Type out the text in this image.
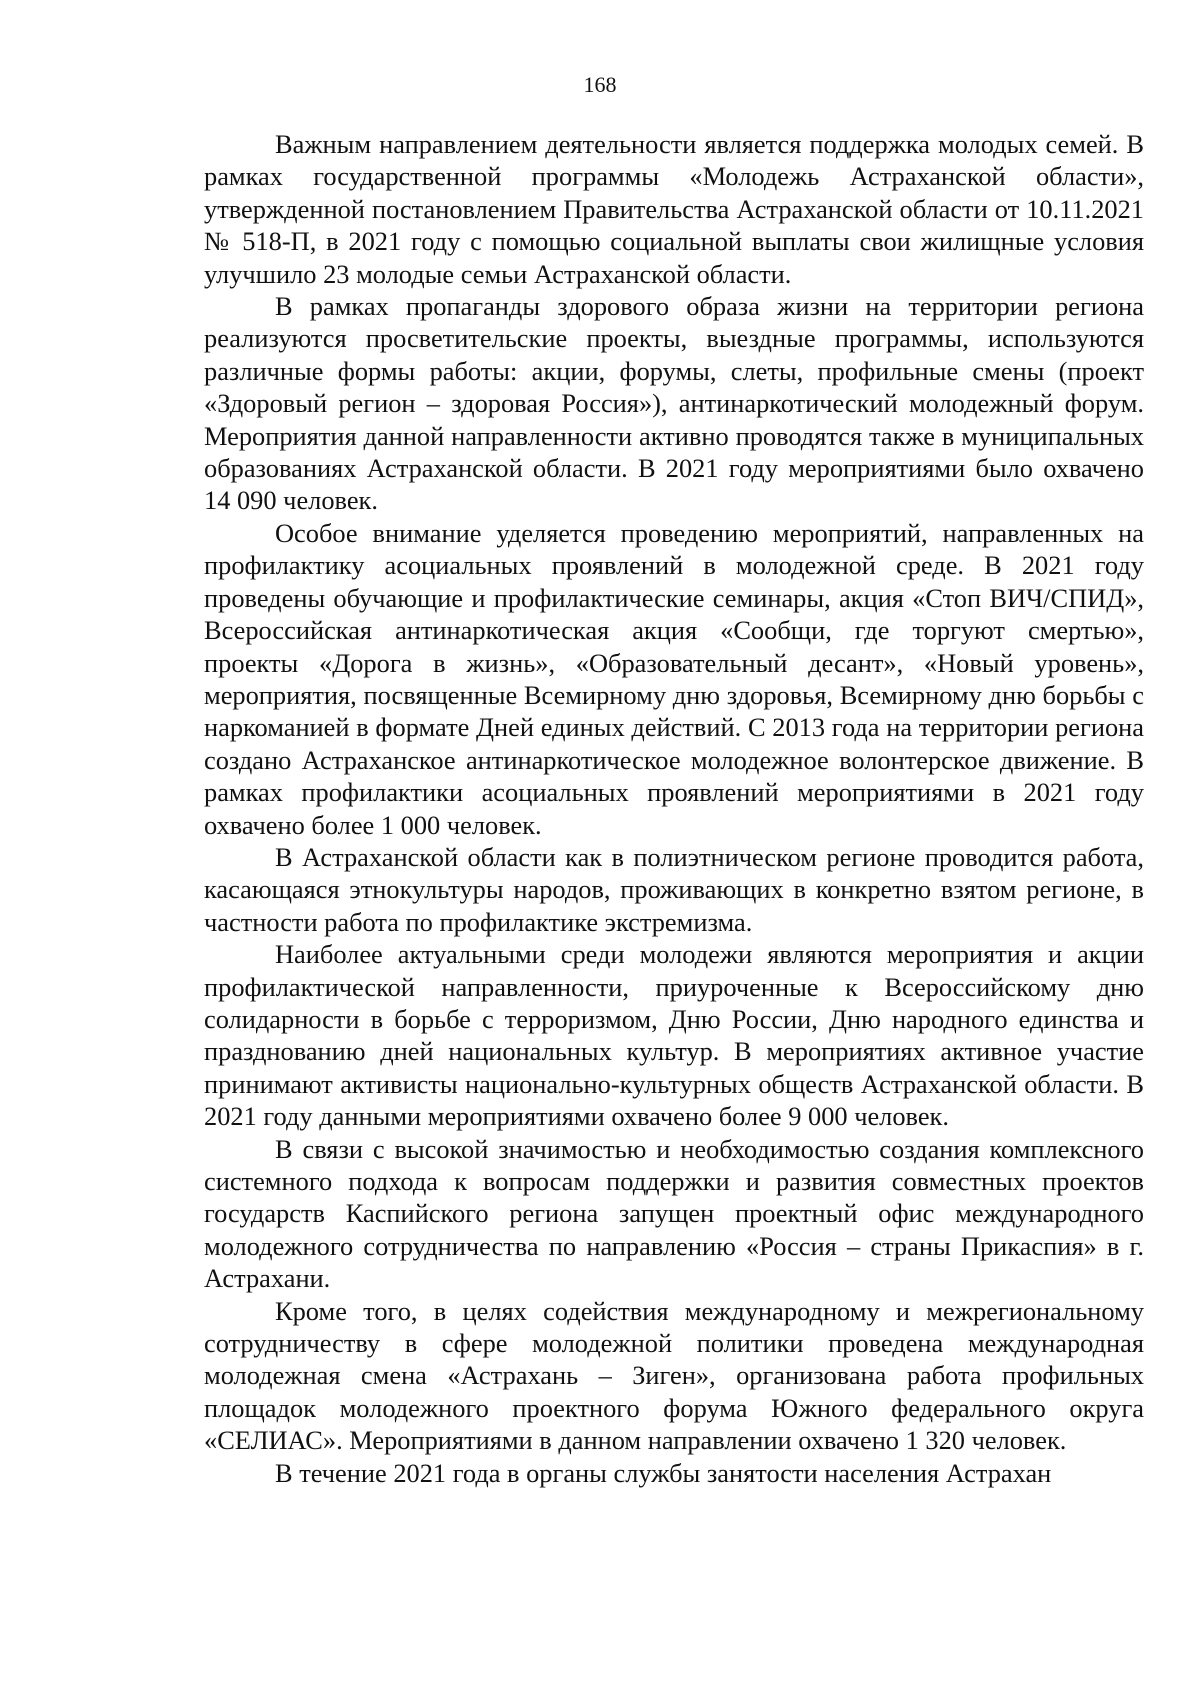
168

Важным направлением деятельности является поддержка молодых семей. В рамках государственной программы «Молодежь Астраханской области», утвержденной постановлением Правительства Астраханской области от 10.11.2021 № 518-П, в 2021 году с помощью социальной выплаты свои жилищные условия улучшило 23 молодые семьи Астраханской области.

В рамках пропаганды здорового образа жизни на территории региона реализуются просветительские проекты, выездные программы, используются различные формы работы: акции, форумы, слеты, профильные смены (проект «Здоровый регион – здоровая Россия»), антинаркотический молодежный форум. Мероприятия данной направленности активно проводятся также в муниципальных образованиях Астраханской области. В 2021 году мероприятиями было охвачено 14 090 человек.

Особое внимание уделяется проведению мероприятий, направленных на профилактику асоциальных проявлений в молодежной среде. В 2021 году проведены обучающие и профилактические семинары, акция «Стоп ВИЧ/СПИД», Всероссийская антинаркотическая акция «Сообщи, где торгуют смертью», проекты «Дорога в жизнь», «Образовательный десант», «Новый уровень», мероприятия, посвященные Всемирному дню здоровья, Всемирному дню борьбы с наркоманией в формате Дней единых действий. С 2013 года на территории региона создано Астраханское антинаркотическое молодежное волонтерское движение. В рамках профилактики асоциальных проявлений мероприятиями в 2021 году охвачено более 1 000 человек.

В Астраханской области как в полиэтническом регионе проводится работа, касающаяся этнокультуры народов, проживающих в конкретно взятом регионе, в частности работа по профилактике экстремизма.

Наиболее актуальными среди молодежи являются мероприятия и акции профилактической направленности, приуроченные к Всероссийскому дню солидарности в борьбе с терроризмом, Дню России, Дню народного единства и празднованию дней национальных культур. В мероприятиях активное участие принимают активисты национально-культурных обществ Астраханской области. В 2021 году данными мероприятиями охвачено более 9 000 человек.

В связи с высокой значимостью и необходимостью создания комплексного системного подхода к вопросам поддержки и развития совместных проектов государств Каспийского региона запущен проектный офис международного молодежного сотрудничества по направлению «Россия – страны Прикаспия» в г. Астрахани.

Кроме того, в целях содействия международному и межрегиональному сотрудничеству в сфере молодежной политики проведена международная молодежная смена «Астрахань – Зиген», организована работа профильных площадок молодежного проектного форума Южного федерального округа «СЕЛИАС». Мероприятиями в данном направлении охвачено 1 320 человек.

В течение 2021 года в органы службы занятости населения Астрахан
